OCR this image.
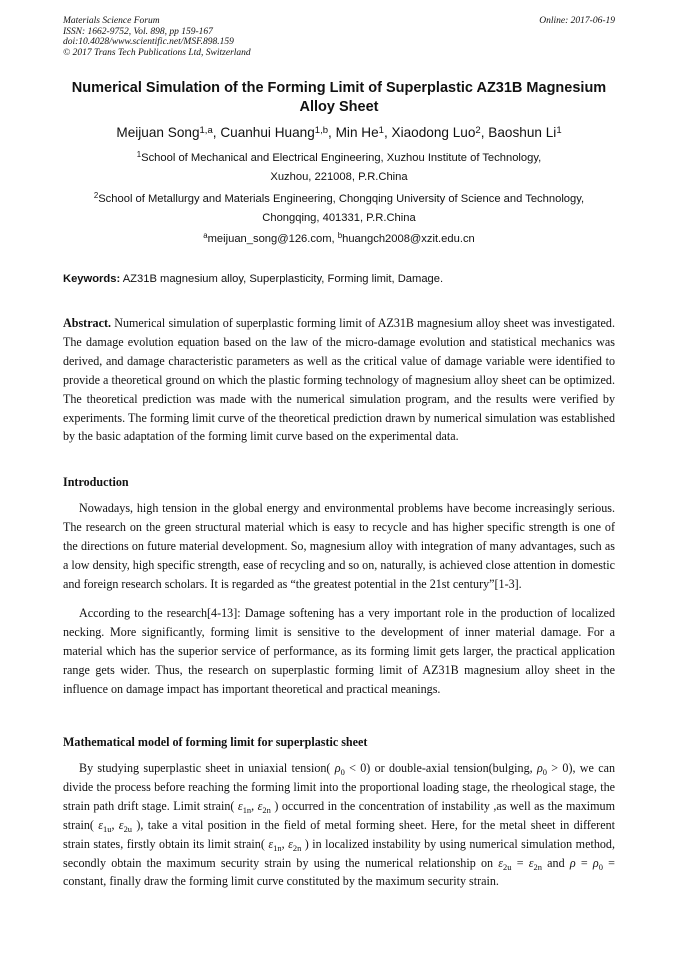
Materials Science Forum
ISSN: 1662-9752, Vol. 898, pp 159-167
doi:10.4028/www.scientific.net/MSF.898.159
© 2017 Trans Tech Publications Ltd, Switzerland
Online: 2017-06-19
Numerical Simulation of the Forming Limit of Superplastic AZ31B Magnesium Alloy Sheet
Meijuan Song$^{1,a}$, Cuanhui Huang$^{1,b}$, Min He$^1$, Xiaodong Luo$^2$, Baoshun Li$^1$
$^1$School of Mechanical and Electrical Engineering, Xuzhou Institute of Technology,
Xuzhou, 221008, P.R.China
$^2$School of Metallurgy and Materials Engineering, Chongqing University of Science and Technology,
Chongqing, 401331, P.R.China
$^a$meijuan_song@126.com, $^b$huangch2008@xzit.edu.cn
Keywords: AZ31B magnesium alloy, Superplasticity, Forming limit, Damage.

Abstract. Numerical simulation of superplastic forming limit of AZ31B magnesium alloy sheet was investigated. The damage evolution equation based on the law of the micro-damage evolution and statistical mechanics was derived, and damage characteristic parameters as well as the critical value of damage variable were identified to provide a theoretical ground on which the plastic forming technology of magnesium alloy sheet can be optimized. The theoretical prediction was made with the numerical simulation program, and the results were verified by experiments. The forming limit curve of the theoretical prediction drawn by numerical simulation was established by the basic adaptation of the forming limit curve based on the experimental data.

Introduction

Nowadays, high tension in the global energy and environmental problems have become increasingly serious. The research on the green structural material which is easy to recycle and has higher specific strength is one of the directions on future material development. So, magnesium alloy with integration of many advantages, such as a low density, high specific strength, ease of recycling and so on, naturally, is achieved close attention in domestic and foreign research scholars. It is regarded as “the greatest potential in the 21st century”[1-3].

According to the research[4-13]: Damage softening has a very important role in the production of localized necking. More significantly, forming limit is sensitive to the development of inner material damage. For a material which has the superior service of performance, as its forming limit gets larger, the practical application range gets wider. Thus, the research on superplastic forming limit of AZ31B magnesium alloy sheet in the influence on damage impact has important theoretical and practical meanings.

Mathematical model of forming limit for superplastic sheet

By studying superplastic sheet in uniaxial tension( $\rho_0 < 0$) or double-axial tension(bulging, $\rho_0 > 0$), we can divide the process before reaching the forming limit into the proportional loading stage, the rheological stage, the strain path drift stage. Limit strain( $\varepsilon_{1n}$, $\varepsilon_{2n}$ ) occurred in the concentration of instability ,as well as the maximum strain( $\varepsilon_{1u}$, $\varepsilon_{2u}$ ), take a vital position in the field of metal forming sheet. Here, for the metal sheet in different strain states, firstly obtain its limit strain( $\varepsilon_{1n}$, $\varepsilon_{2n}$ ) in localized instability by using numerical simulation method, secondly obtain the maximum security strain by using the numerical relationship on $\varepsilon_{2u} = \varepsilon_{2n}$ and $\rho = \rho_0$ = constant, finally draw the forming limit curve constituted by the maximum security strain.
